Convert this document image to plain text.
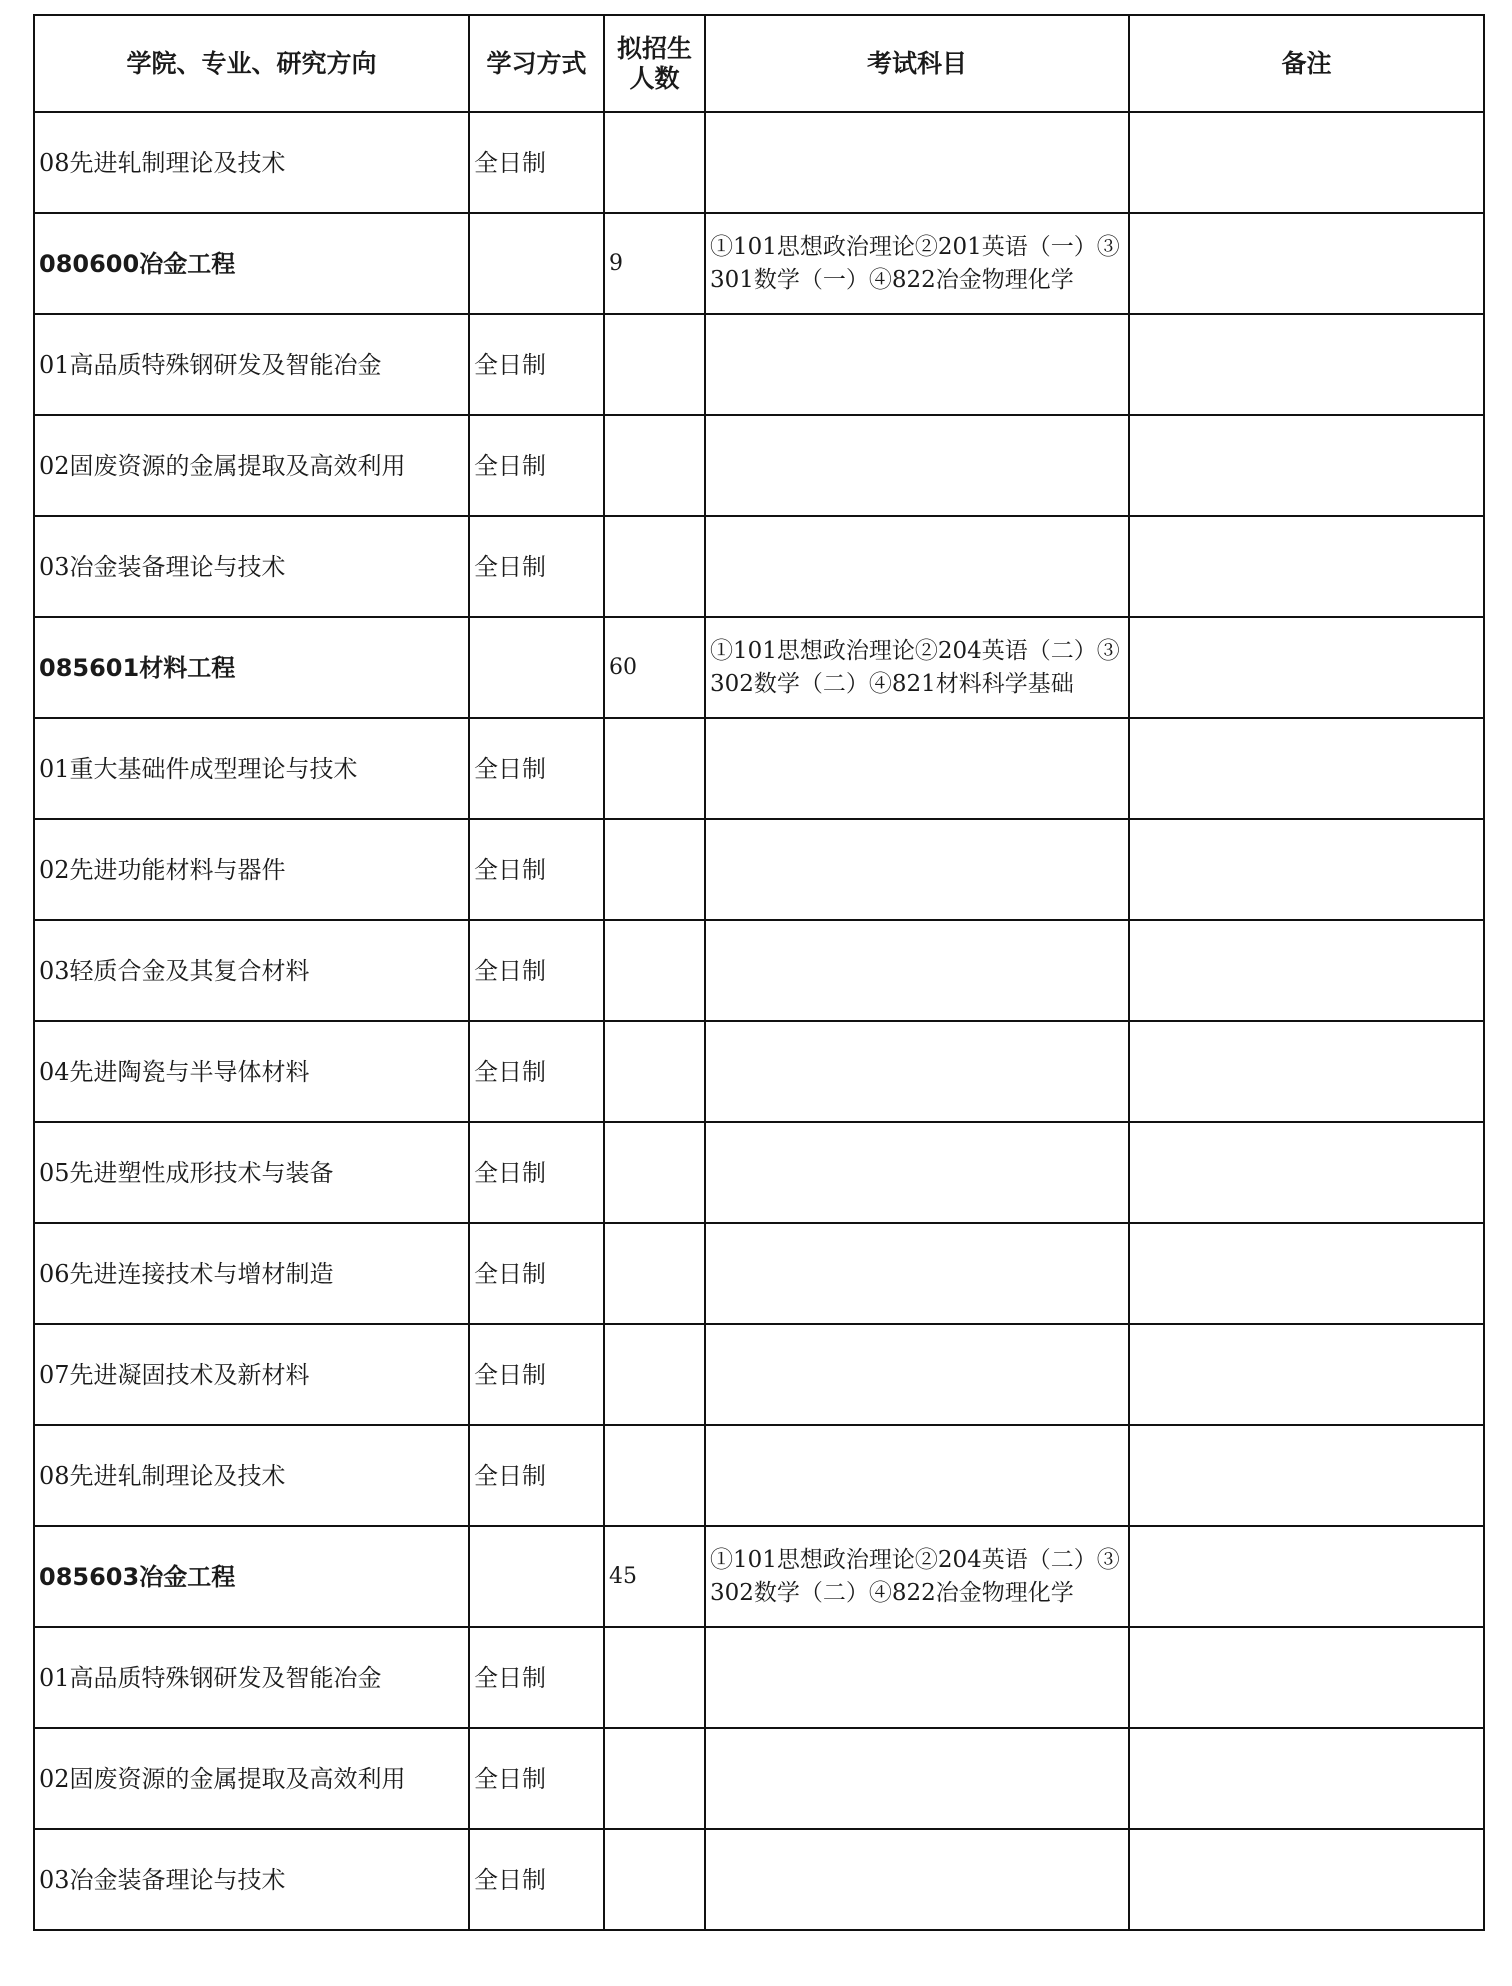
学院、专业、研究方向	学习方式	拟招生人数	考试科目	备注
08先进轧制理论及技术	全日制			
080600冶金工程		9	①101思想政治理论②201英语（一）③301数学（一）④822冶金物理化学	
01高品质特殊钢研发及智能冶金	全日制			
02固废资源的金属提取及高效利用	全日制			
03冶金装备理论与技术	全日制			
085601材料工程		60	①101思想政治理论②204英语（二）③302数学（二）④821材料科学基础	
01重大基础件成型理论与技术	全日制			
02先进功能材料与器件	全日制			
03轻质合金及其复合材料	全日制			
04先进陶瓷与半导体材料	全日制			
05先进塑性成形技术与装备	全日制			
06先进连接技术与增材制造	全日制			
07先进凝固技术及新材料	全日制			
08先进轧制理论及技术	全日制			
085603冶金工程		45	①101思想政治理论②204英语（二）③302数学（二）④822冶金物理化学	
01高品质特殊钢研发及智能冶金	全日制			
02固废资源的金属提取及高效利用	全日制			
03冶金装备理论与技术	全日制			
